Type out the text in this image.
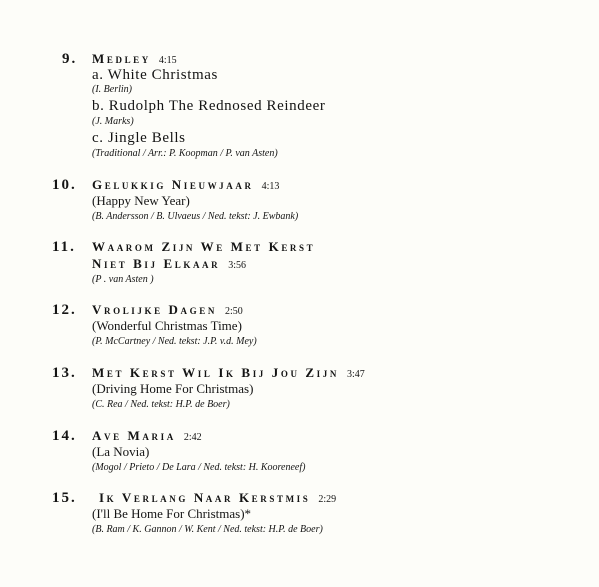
9. Medley 4:15
a. White Christmas
(I. Berlin)
b. Rudolph The Rednosed Reindeer
(J. Marks)
c. Jingle Bells
(Traditional / Arr.: P. Koopman / P. van Asten)
10. Gelukkig Nieuwjaar 4:13
(Happy New Year)
(B. Andersson / B. Ulvaeus / Ned. tekst: J. Ewbank)
11. Waarom Zijn We Met Kerst
Niet Bij Elkaar 3:56
(P . van Asten )
12. Vrolijke Dagen 2:50
(Wonderful Christmas Time)
(P. McCartney / Ned. tekst: J.P. v.d. Mey)
13. Met Kerst Wil Ik Bij Jou Zijn 3:47
(Driving Home For Christmas)
(C. Rea / Ned. tekst: H.P. de Boer)
14. Ave Maria 2:42
(La Novia)
(Mogol / Prieto / De Lara / Ned. tekst: H. Kooreneef)
15. Ik Verlang Naar Kerstmis 2:29
(I'll Be Home For Christmas)*
(B. Ram / K. Gannon / W. Kent / Ned. tekst: H.P. de Boer)
